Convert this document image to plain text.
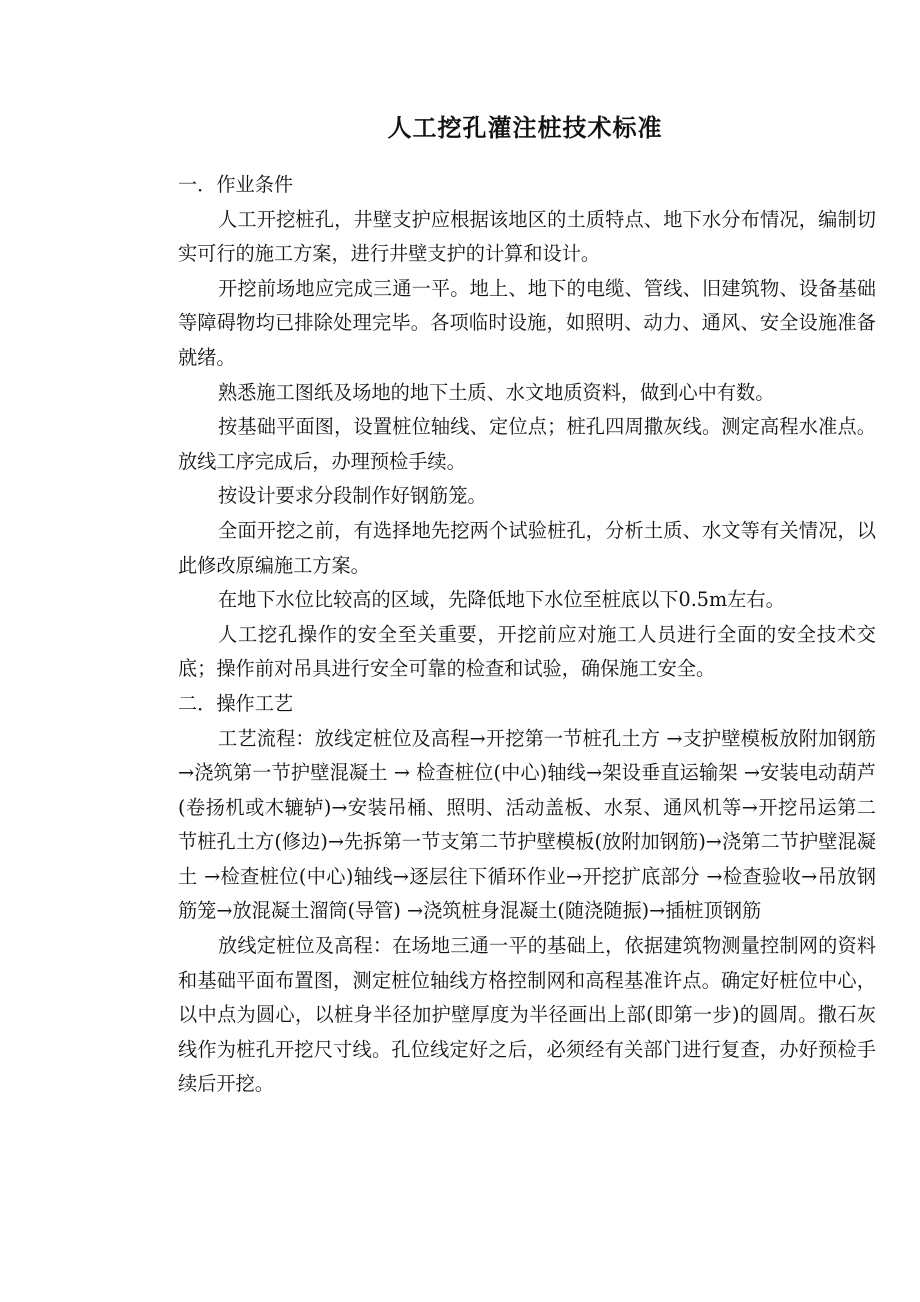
人工挖孔灌注桩技术标准
一．作业条件

人工开挖桩孔，井壁支护应根据该地区的土质特点、地下水分布情况，编制切实可行的施工方案，进行井壁支护的计算和设计。

开挖前场地应完成三通一平。地上、地下的电缆、管线、旧建筑物、设备基础等障碍物均已排除处理完毕。各项临时设施，如照明、动力、通风、安全设施准备就绪。

熟悉施工图纸及场地的地下土质、水文地质资料，做到心中有数。

按基础平面图，设置桩位轴线、定位点；桩孔四周撒灰线。测定高程水准点。放线工序完成后，办理预检手续。

按设计要求分段制作好钢筋笼。

全面开挖之前，有选择地先挖两个试验桩孔，分析土质、水文等有关情况，以此修改原编施工方案。

在地下水位比较高的区域，先降低地下水位至桩底以下0.5m左右。

人工挖孔操作的安全至关重要，开挖前应对施工人员进行全面的安全技术交底；操作前对吊具进行安全可靠的检查和试验，确保施工安全。

二．操作工艺

工艺流程：放线定桩位及高程→开挖第一节桩孔土方 →支护壁模板放附加钢筋→浇筑第一节护壁混凝土 → 检查桩位(中心)轴线→架设垂直运输架 →安装电动葫芦(卷扬机或木辘轳)→安装吊桶、照明、活动盖板、水泵、通风机等→开挖吊运第二节桩孔土方(修边)→先拆第一节支第二节护壁模板(放附加钢筋)→浇第二节护壁混凝土 →检查桩位(中心)轴线→逐层往下循环作业→开挖扩底部分 →检查验收→吊放钢筋笼→放混凝土溜筒(导管) →浇筑桩身混凝土(随浇随振)→插桩顶钢筋

放线定桩位及高程：在场地三通一平的基础上，依据建筑物测量控制网的资料和基础平面布置图，测定桩位轴线方格控制网和高程基准许点。确定好桩位中心，以中点为圆心，以桩身半径加护壁厚度为半径画出上部(即第一步)的圆周。撒石灰线作为桩孔开挖尺寸线。孔位线定好之后，必须经有关部门进行复查，办好预检手续后开挖。
